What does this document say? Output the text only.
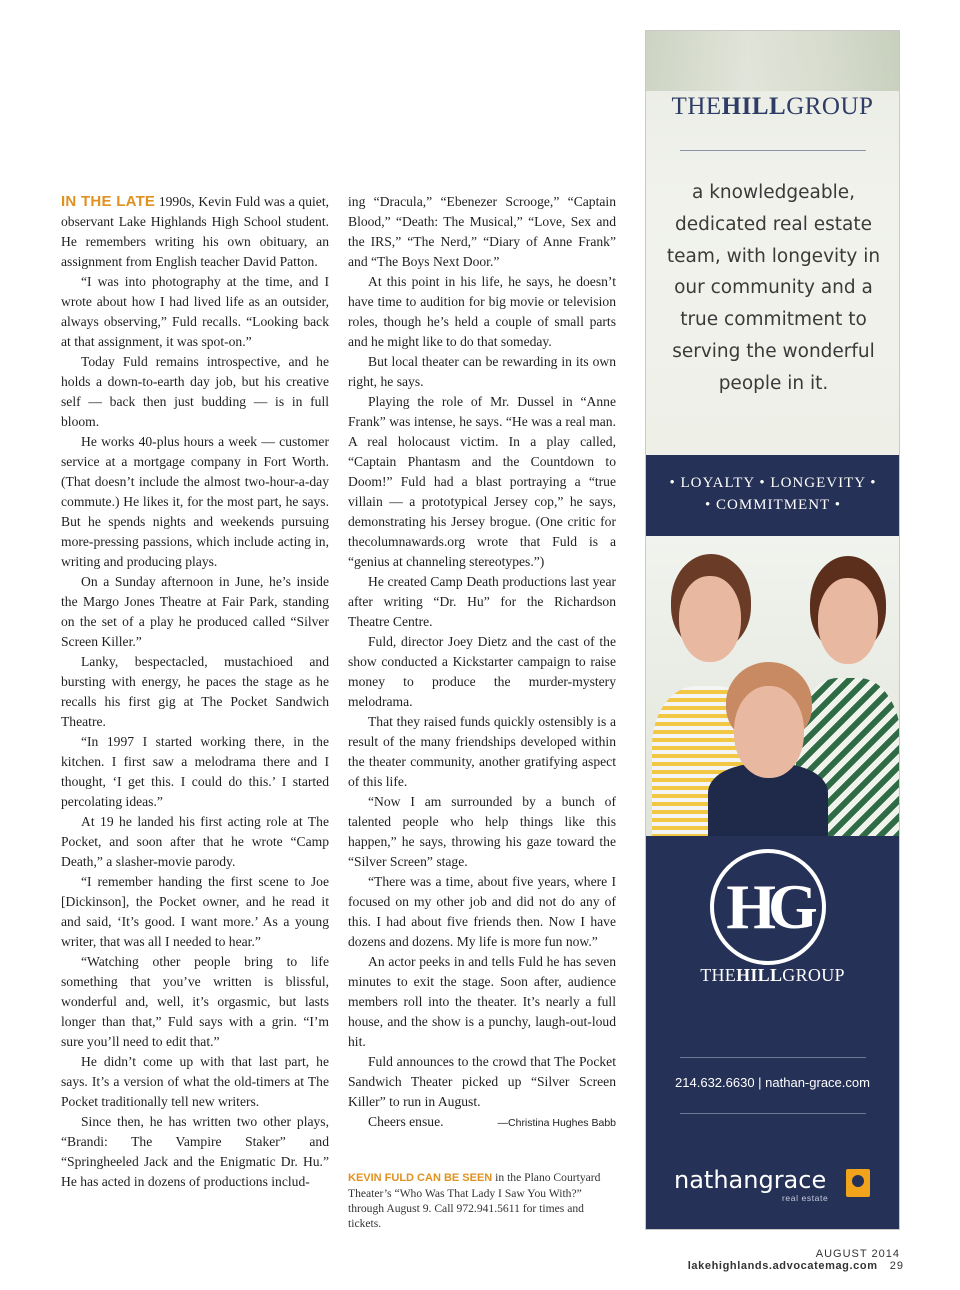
IN THE LATE 1990s, Kevin Fuld was a quiet, observant Lake Highlands High School student. He remembers writing his own obituary, an assignment from English teacher David Patton.

“I was into photography at the time, and I wrote about how I had lived life as an outsider, always observing,” Fuld recalls. “Looking back at that assignment, it was spot-on.”

Today Fuld remains introspective, and he holds a down-to-earth day job, but his creative self — back then just budding — is in full bloom.

He works 40-plus hours a week — customer service at a mortgage company in Fort Worth. (That doesn’t include the almost two-hour-a-day commute.) He likes it, for the most part, he says. But he spends nights and weekends pursuing more-pressing passions, which include acting in, writing and producing plays.

On a Sunday afternoon in June, he’s inside the Margo Jones Theatre at Fair Park, standing on the set of a play he produced called “Silver Screen Killer.”

Lanky, bespectacled, mustachioed and bursting with energy, he paces the stage as he recalls his first gig at The Pocket Sandwich Theatre.

“In 1997 I started working there, in the kitchen. I first saw a melodrama there and I thought, ‘I get this. I could do this.’ I started percolating ideas.”

At 19 he landed his first acting role at The Pocket, and soon after that he wrote “Camp Death,” a slasher-movie parody.

“I remember handing the first scene to Joe [Dickinson], the Pocket owner, and he read it and said, ‘It’s good. I want more.’ As a young writer, that was all I needed to hear.”

“Watching other people bring to life something that you’ve written is blissful, wonderful and, well, it’s orgasmic, but lasts longer than that,” Fuld says with a grin. “I’m sure you’ll need to edit that.”

He didn’t come up with that last part, he says. It’s a version of what the old-timers at The Pocket traditionally tell new writers.

Since then, he has written two other plays, “Brandi: The Vampire Staker” and “Springheeled Jack and the Enigmatic Dr. Hu.” He has acted in dozens of productions includ-

ing “Dracula,” “Ebenezer Scrooge,” “Captain Blood,” “Death: The Musical,” “Love, Sex and the IRS,” “The Nerd,” “Diary of Anne Frank” and “The Boys Next Door.”

At this point in his life, he says, he doesn’t have time to audition for big movie or television roles, though he’s held a couple of small parts and he might like to do that someday.

But local theater can be rewarding in its own right, he says.

Playing the role of Mr. Dussel in “Anne Frank” was intense, he says. “He was a real man. A real holocaust victim. In a play called, “Captain Phantasm and the Countdown to Doom!” Fuld had a blast portraying a “true villain — a prototypical Jersey cop,” he says, demonstrating his Jersey brogue. (One critic for thecolumnawards.org wrote that Fuld is a “genius at channeling stereotypes.”)

He created Camp Death productions last year after writing “Dr. Hu” for the Richardson Theatre Centre.

Fuld, director Joey Dietz and the cast of the show conducted a Kickstarter campaign to raise money to produce the murder-mystery melodrama.

That they raised funds quickly ostensibly is a result of the many friendships developed within the theater community, another gratifying aspect of this life.

“Now I am surrounded by a bunch of talented people who help things like this happen,” he says, throwing his gaze toward the “Silver Screen” stage.

“There was a time, about five years, where I focused on my other job and did not do any of this. I had about five friends then. Now I have dozens and dozens. My life is more fun now.”

An actor peeks in and tells Fuld he has seven minutes to exit the stage. Soon after, audience members roll into the theater. It’s nearly a full house, and the show is a punchy, laugh-out-loud hit.

Fuld announces to the crowd that The Pocket Sandwich Theater picked up “Silver Screen Killer” to run in August.

Cheers ensue.	—Christina Hughes Babb

KEVIN FULD CAN BE SEEN in the Plano Courtyard Theater’s “Who Was That Lady I Saw You With?” through August 9. Call 972.941.5611 for times and tickets.
THEHILLGROUP
a knowledgeable, dedicated real estate team, with longevity in our community and a true commitment to serving the wonderful people in it.
• LOYALTY • LONGEVITY •
• COMMITMENT •
HG
THEHILLGROUP
214.632.6630 | nathan-grace.com
nathangrace
real estate
AUGUST 2014  lakehighlands.advocatemag.com 29
